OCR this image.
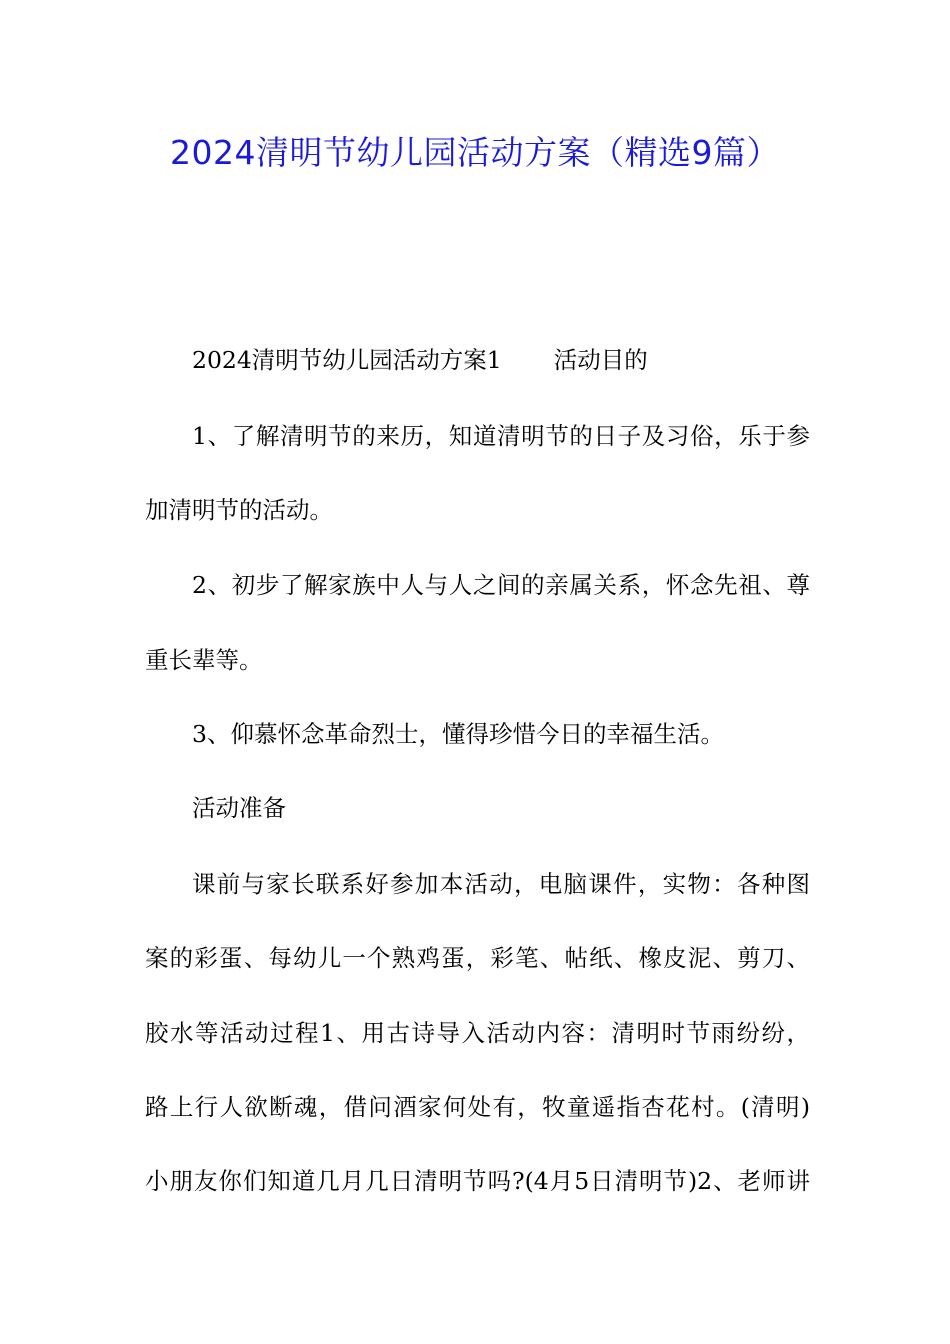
2024清明节幼儿园活动方案（精选9篇）
2024清明节幼儿园活动方案1 活动目的
1、了解清明节的来历，知道清明节的日子及习俗，乐于参
加清明节的活动。
2、初步了解家族中人与人之间的亲属关系，怀念先祖、尊
重长辈等。
3、仰慕怀念革命烈士，懂得珍惜今日的幸福生活。
活动准备
课前与家长联系好参加本活动，电脑课件，实物：各种图
案的彩蛋、每幼儿一个熟鸡蛋，彩笔、帖纸、橡皮泥、剪刀、
胶水等活动过程1、用古诗导入活动内容：清明时节雨纷纷，
路上行人欲断魂，借问酒家何处有，牧童遥指杏花村。(清明)
小朋友你们知道几月几日清明节吗?(4月5日清明节)2、老师讲
